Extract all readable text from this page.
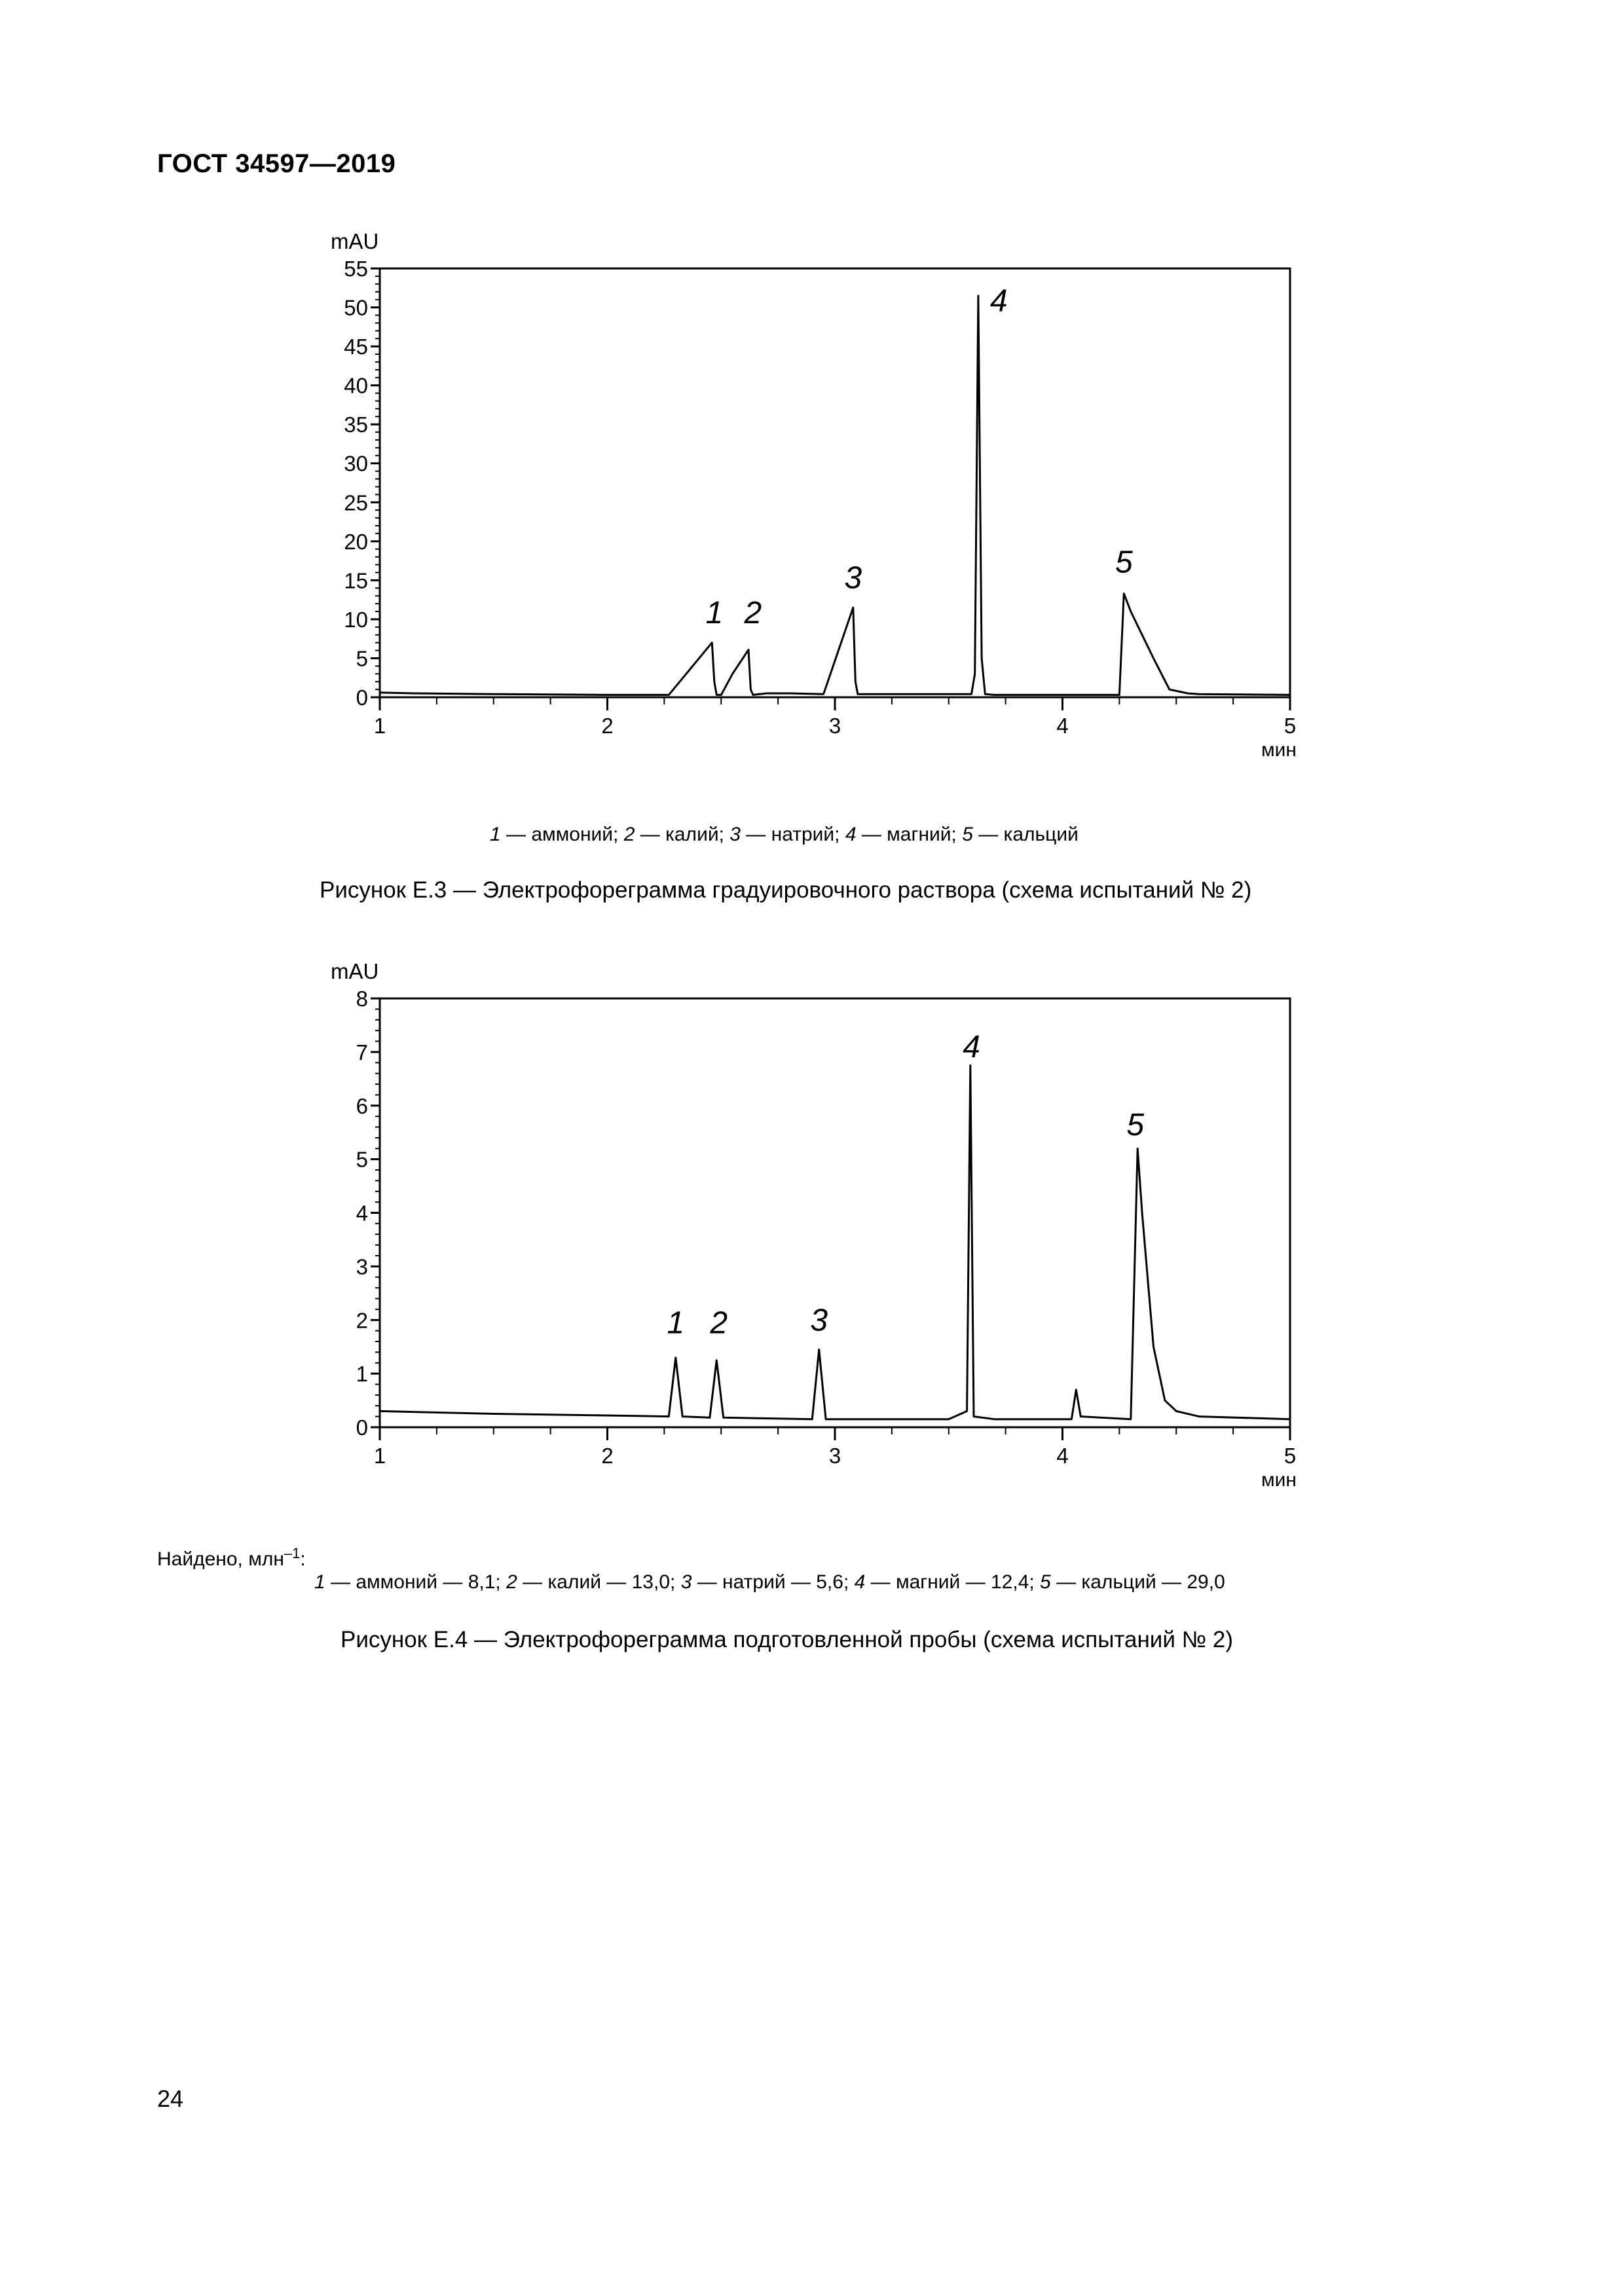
ГОСТ 34597—2019
0
5
10
15
20
25
30
35
40
45
50
55
1	2	3	4	5
mAU
мин
1 2
3
4
5
1 — аммоний; 2 — калий; 3 — натрий; 4 — магний; 5 — кальций
Рисунок Е.3 — Электрофореграмма градуировочного раствора (схема испытаний № 2)
0
1
2
3
4
5
6
7
8
1	2	3	4	5
mAU
мин
1 2	3
4
5
Найдено, млн$^{-1}$:
1 — аммоний — 8,1; 2 — калий — 13,0; 3 — натрий — 5,6; 4 — магний — 12,4; 5 — кальций — 29,0
Рисунок Е.4 — Электрофореграмма подготовленной пробы (схема испытаний № 2)
24
